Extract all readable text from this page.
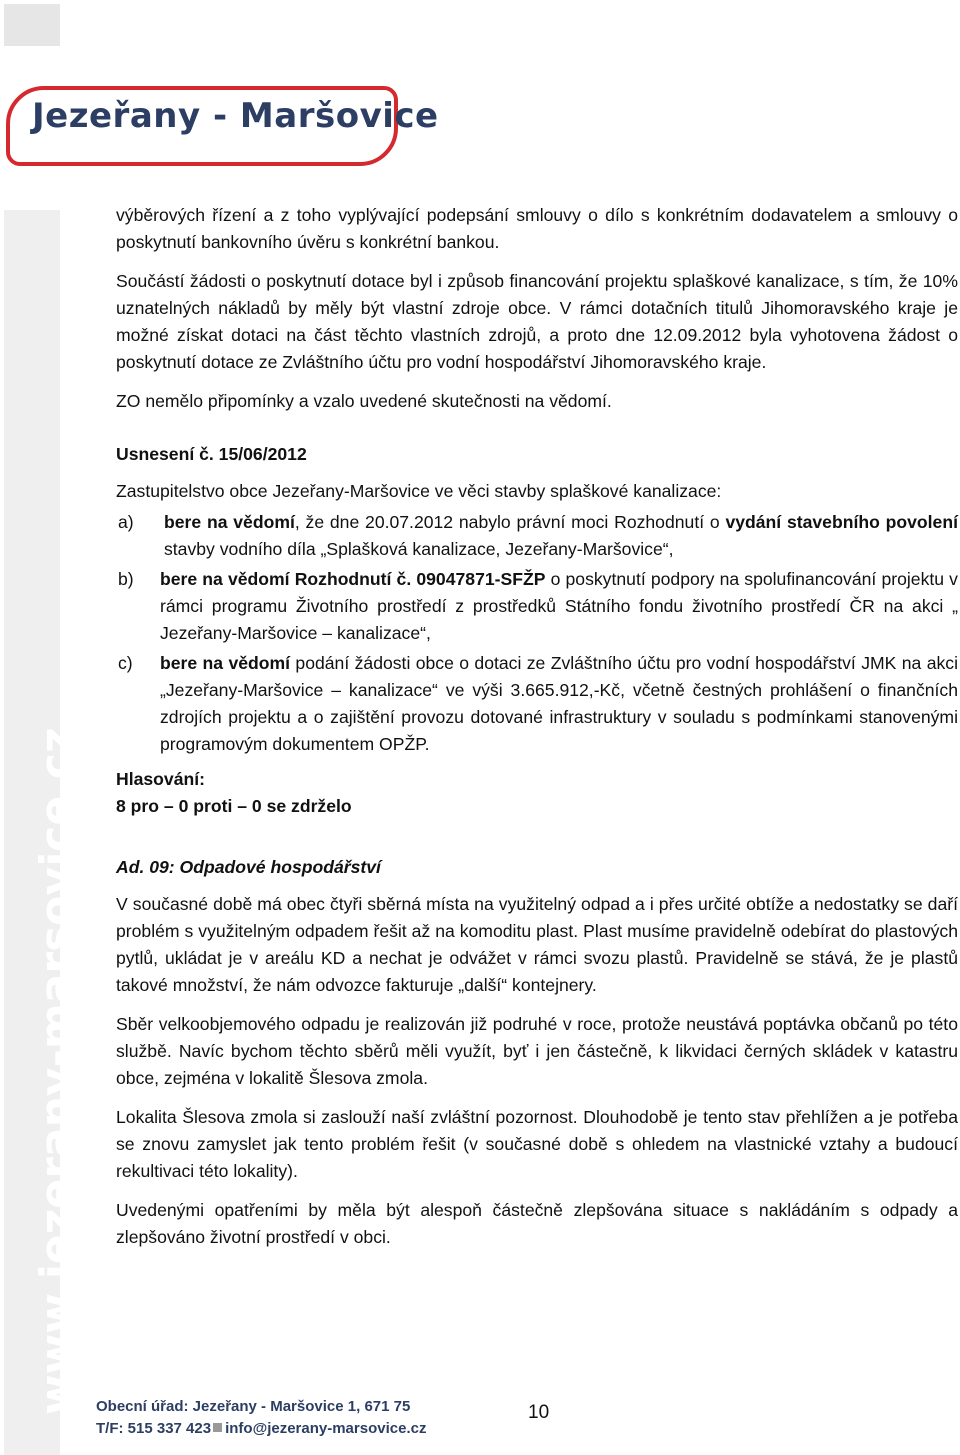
Jezeřany - Maršovice
www.jezerany-marsovice.cz

výběrových řízení a z toho vyplývající podepsání smlouvy o dílo s konkrétním dodavatelem a smlouvy o poskytnutí bankovního úvěru s konkrétní bankou.

Součástí žádosti o poskytnutí dotace byl i způsob financování projektu splaškové kanalizace, s tím, že 10% uznatelných nákladů by měly být vlastní zdroje obce. V rámci dotačních titulů Jihomoravského kraje je možné získat dotaci na část těchto vlastních zdrojů, a proto dne 12.09.2012 byla vyhotovena žádost o poskytnutí dotace ze Zvláštního účtu pro vodní hospodářství Jihomoravského kraje.

ZO nemělo připomínky a vzalo uvedené skutečnosti na vědomí.

Usnesení č. 15/06/2012

Zastupitelstvo obce Jezeřany-Maršovice ve věci stavby splaškové kanalizace:

a) bere na vědomí, že dne 20.07.2012 nabylo právní moci Rozhodnutí o vydání stavebního povolení stavby vodního díla „Splašková kanalizace, Jezeřany-Maršovice“,
b) bere na vědomí Rozhodnutí č. 09047871-SFŽP o poskytnutí podpory na spolufinancování projektu v rámci programu Životního prostředí z prostředků Státního fondu životního prostředí ČR na akci „ Jezeřany-Maršovice – kanalizace“,
c) bere na vědomí podání žádosti obce o dotaci ze Zvláštního účtu pro vodní hospodářství JMK na akci „Jezeřany-Maršovice – kanalizace“ ve výši 3.665.912,-Kč, včetně čestných prohlášení o finančních zdrojích projektu a o zajištění provozu dotované infrastruktury v souladu s podmínkami stanovenými programovým dokumentem OPŽP.
Hlasování:
8 pro – 0 proti – 0 se zdrželo

Ad. 09: Odpadové hospodářství

V současné době má obec čtyři sběrná místa na využitelný odpad a i přes určité obtíže a nedostatky se daří problém s využitelným odpadem řešit až na komoditu plast. Plast musíme pravidelně odebírat do plastových pytlů, ukládat je v areálu KD a nechat je odvážet v rámci svozu plastů. Pravidelně se stává, že je plastů takové množství, že nám odvozce fakturuje „další“ kontejnery.

Sběr velkoobjemového odpadu je realizován již podruhé v roce, protože neustává poptávka občanů po této službě. Navíc bychom těchto sběrů měli využít, byť i jen částečně, k likvidaci černých skládek v katastru obce, zejména v lokalitě Šlesova zmola.

Lokalita Šlesova zmola si zaslouží naší zvláštní pozornost. Dlouhodobě je tento stav přehlížen a je potřeba se znovu zamyslet jak tento problém řešit (v současné době s ohledem na vlastnické vztahy a budoucí rekultivaci této lokality).

Uvedenými opatřeními by měla být alespoň částečně zlepšována situace s nakládáním s odpady a zlepšováno životní prostředí v obci.

Obecní úřad: Jezeřany - Maršovice 1, 671 75
T/F: 515 337 423 info@jezerany-marsovice.cz
10
